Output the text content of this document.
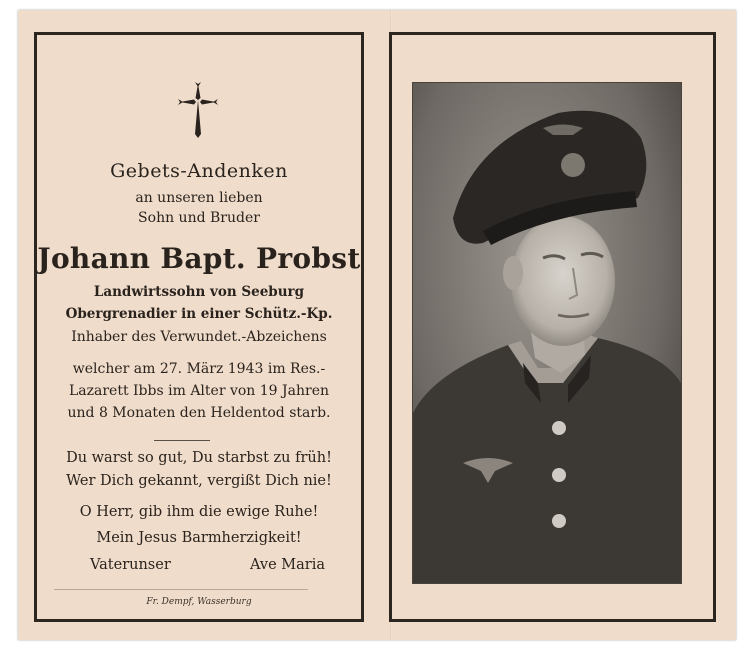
Gebets-Andenken
an unseren lieben
Sohn und Bruder
Johann Bapt. Probst
Landwirtssohn von Seeburg
Obergrenadier in einer Schütz.-Kp.
Inhaber des Verwundet.-Abzeichens
welcher am 27. März 1943 im Res.-
Lazarett Ibbs im Alter von 19 Jahren
und 8 Monaten den Heldentod starb.
Du warst so gut, Du starbst zu früh!
Wer Dich gekannt, vergißt Dich nie!
O Herr, gib ihm die ewige Ruhe!
Mein Jesus Barmherzigkeit!
Vaterunser	Ave Maria
Fr. Dempf, Wasserburg
